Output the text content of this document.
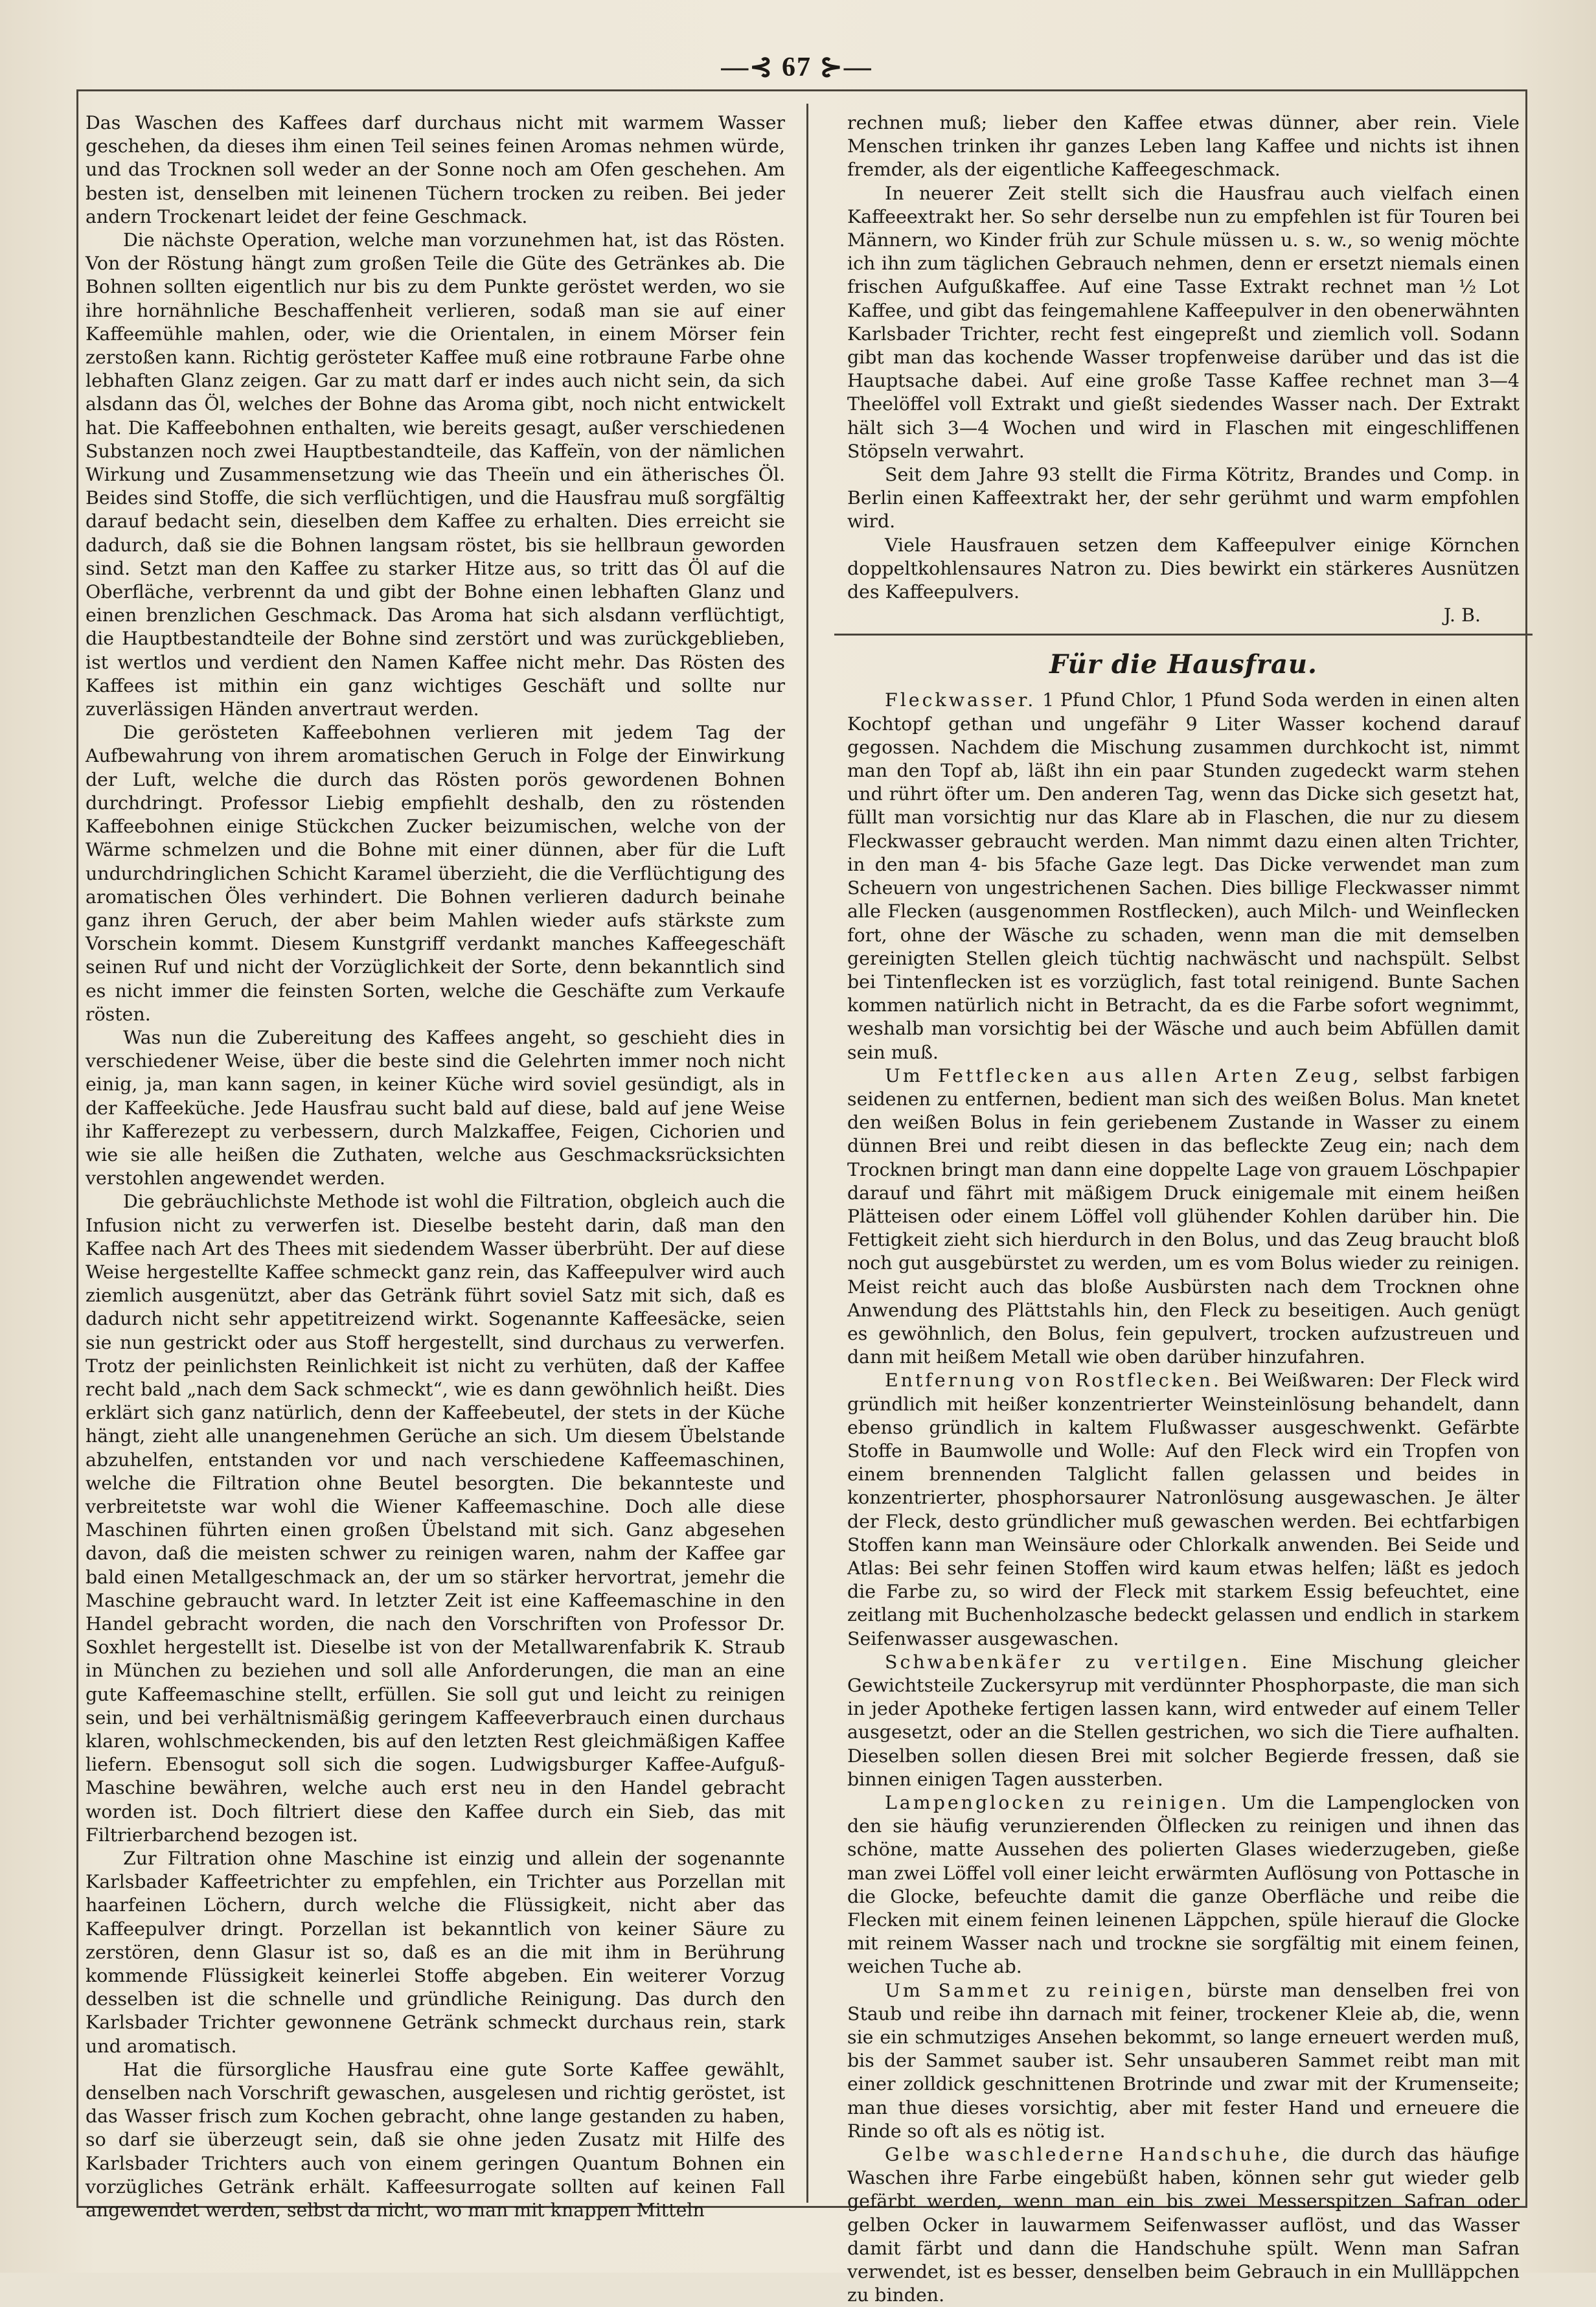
—⊰ 67 ⊱—

Das Waschen des Kaffees darf durchaus nicht mit warmem Wasser geschehen, da dieses ihm einen Teil seines feinen Aromas nehmen würde, und das Trocknen soll weder an der Sonne noch am Ofen geschehen. Am besten ist, denselben mit leinenen Tüchern trocken zu reiben. Bei jeder andern Trockenart leidet der feine Geschmack.

Die nächste Operation, welche man vorzunehmen hat, ist das Rösten. Von der Röstung hängt zum großen Teile die Güte des Getränkes ab. Die Bohnen sollten eigentlich nur bis zu dem Punkte geröstet werden, wo sie ihre hornähnliche Beschaffenheit verlieren, sodaß man sie auf einer Kaffeemühle mahlen, oder, wie die Orientalen, in einem Mörser fein zerstoßen kann. Richtig gerösteter Kaffee muß eine rotbraune Farbe ohne lebhaften Glanz zeigen. Gar zu matt darf er indes auch nicht sein, da sich alsdann das Öl, welches der Bohne das Aroma gibt, noch nicht entwickelt hat. Die Kaffeebohnen enthalten, wie bereits gesagt, außer verschiedenen Substanzen noch zwei Hauptbestandteile, das Kaffeïn, von der nämlichen Wirkung und Zusammensetzung wie das Theeïn und ein ätherisches Öl. Beides sind Stoffe, die sich verflüchtigen, und die Hausfrau muß sorgfältig darauf bedacht sein, dieselben dem Kaffee zu erhalten. Dies erreicht sie dadurch, daß sie die Bohnen langsam röstet, bis sie hellbraun geworden sind. Setzt man den Kaffee zu starker Hitze aus, so tritt das Öl auf die Oberfläche, verbrennt da und gibt der Bohne einen lebhaften Glanz und einen brenzlichen Geschmack. Das Aroma hat sich alsdann verflüchtigt, die Hauptbestandteile der Bohne sind zerstört und was zurückgeblieben, ist wertlos und verdient den Namen Kaffee nicht mehr. Das Rösten des Kaffees ist mithin ein ganz wichtiges Geschäft und sollte nur zuverlässigen Händen anvertraut werden.

Die gerösteten Kaffeebohnen verlieren mit jedem Tag der Aufbewahrung von ihrem aromatischen Geruch in Folge der Einwirkung der Luft, welche die durch das Rösten porös gewordenen Bohnen durchdringt. Professor Liebig empfiehlt deshalb, den zu röstenden Kaffeebohnen einige Stückchen Zucker beizumischen, welche von der Wärme schmelzen und die Bohne mit einer dünnen, aber für die Luft undurchdringlichen Schicht Karamel überzieht, die die Verflüchtigung des aromatischen Öles verhindert. Die Bohnen verlieren dadurch beinahe ganz ihren Geruch, der aber beim Mahlen wieder aufs stärkste zum Vorschein kommt. Diesem Kunstgriff verdankt manches Kaffeegeschäft seinen Ruf und nicht der Vorzüglichkeit der Sorte, denn bekanntlich sind es nicht immer die feinsten Sorten, welche die Geschäfte zum Verkaufe rösten.

Was nun die Zubereitung des Kaffees angeht, so geschieht dies in verschiedener Weise, über die beste sind die Gelehrten immer noch nicht einig, ja, man kann sagen, in keiner Küche wird soviel gesündigt, als in der Kaffeeküche. Jede Hausfrau sucht bald auf diese, bald auf jene Weise ihr Kafferezept zu verbessern, durch Malzkaffee, Feigen, Cichorien und wie sie alle heißen die Zuthaten, welche aus Geschmacksrücksichten verstohlen angewendet werden.

Die gebräuchlichste Methode ist wohl die Filtration, obgleich auch die Infusion nicht zu verwerfen ist. Dieselbe besteht darin, daß man den Kaffee nach Art des Thees mit siedendem Wasser überbrüht. Der auf diese Weise hergestellte Kaffee schmeckt ganz rein, das Kaffeepulver wird auch ziemlich ausgenützt, aber das Getränk führt soviel Satz mit sich, daß es dadurch nicht sehr appetitreizend wirkt. Sogenannte Kaffeesäcke, seien sie nun gestrickt oder aus Stoff hergestellt, sind durchaus zu verwerfen. Trotz der peinlichsten Reinlichkeit ist nicht zu verhüten, daß der Kaffee recht bald „nach dem Sack schmeckt“, wie es dann gewöhnlich heißt. Dies erklärt sich ganz natürlich, denn der Kaffeebeutel, der stets in der Küche hängt, zieht alle unangenehmen Gerüche an sich. Um diesem Übelstande abzuhelfen, entstanden vor und nach verschiedene Kaffeemaschinen, welche die Filtration ohne Beutel besorgten. Die bekannteste und verbreitetste war wohl die Wiener Kaffeemaschine. Doch alle diese Maschinen führten einen großen Übelstand mit sich. Ganz abgesehen davon, daß die meisten schwer zu reinigen waren, nahm der Kaffee gar bald einen Metallgeschmack an, der um so stärker hervortrat, jemehr die Maschine gebraucht ward. In letzter Zeit ist eine Kaffeemaschine in den Handel gebracht worden, die nach den Vorschriften von Professor Dr. Soxhlet hergestellt ist. Dieselbe ist von der Metallwarenfabrik K. Straub in München zu beziehen und soll alle Anforderungen, die man an eine gute Kaffeemaschine stellt, erfüllen. Sie soll gut und leicht zu reinigen sein, und bei verhältnismäßig geringem Kaffeeverbrauch einen durchaus klaren, wohlschmeckenden, bis auf den letzten Rest gleichmäßigen Kaffee liefern. Ebensogut soll sich die sogen. Ludwigsburger Kaffee-Aufguß-Maschine bewähren, welche auch erst neu in den Handel gebracht worden ist. Doch filtriert diese den Kaffee durch ein Sieb, das mit Filtrierbarchend bezogen ist.

Zur Filtration ohne Maschine ist einzig und allein der sogenannte Karlsbader Kaffeetrichter zu empfehlen, ein Trichter aus Porzellan mit haarfeinen Löchern, durch welche die Flüssigkeit, nicht aber das Kaffeepulver dringt. Porzellan ist bekanntlich von keiner Säure zu zerstören, denn Glasur ist so, daß es an die mit ihm in Berührung kommende Flüssigkeit keinerlei Stoffe abgeben. Ein weiterer Vorzug desselben ist die schnelle und gründliche Reinigung. Das durch den Karlsbader Trichter gewonnene Getränk schmeckt durchaus rein, stark und aromatisch.

Hat die fürsorgliche Hausfrau eine gute Sorte Kaffee gewählt, denselben nach Vorschrift gewaschen, ausgelesen und richtig geröstet, ist das Wasser frisch zum Kochen gebracht, ohne lange gestanden zu haben, so darf sie überzeugt sein, daß sie ohne jeden Zusatz mit Hilfe des Karlsbader Trichters auch von einem geringen Quantum Bohnen ein vorzügliches Getränk erhält. Kaffeesurrogate sollten auf keinen Fall angewendet werden, selbst da nicht, wo man mit knappen Mitteln

rechnen muß; lieber den Kaffee etwas dünner, aber rein. Viele Menschen trinken ihr ganzes Leben lang Kaffee und nichts ist ihnen fremder, als der eigentliche Kaffeegeschmack.

In neuerer Zeit stellt sich die Hausfrau auch vielfach einen Kaffeeextrakt her. So sehr derselbe nun zu empfehlen ist für Touren bei Männern, wo Kinder früh zur Schule müssen u. s. w., so wenig möchte ich ihn zum täglichen Gebrauch nehmen, denn er ersetzt niemals einen frischen Aufgußkaffee. Auf eine Tasse Extrakt rechnet man ½ Lot Kaffee, und gibt das feingemahlene Kaffeepulver in den obenerwähnten Karlsbader Trichter, recht fest eingepreßt und ziemlich voll. Sodann gibt man das kochende Wasser tropfenweise darüber und das ist die Hauptsache dabei. Auf eine große Tasse Kaffee rechnet man 3—4 Theelöffel voll Extrakt und gießt siedendes Wasser nach. Der Extrakt hält sich 3—4 Wochen und wird in Flaschen mit eingeschliffenen Stöpseln verwahrt.

Seit dem Jahre 93 stellt die Firma Kötritz, Brandes und Comp. in Berlin einen Kaffeextrakt her, der sehr gerühmt und warm empfohlen wird.

Viele Hausfrauen setzen dem Kaffeepulver einige Körnchen doppeltkohlensaures Natron zu. Dies bewirkt ein stärkeres Ausnützen des Kaffeepulvers.

J. B.
Für die Hausfrau.

Fleckwasser. 1 Pfund Chlor, 1 Pfund Soda werden in einen alten Kochtopf gethan und ungefähr 9 Liter Wasser kochend darauf gegossen. Nachdem die Mischung zusammen durchkocht ist, nimmt man den Topf ab, läßt ihn ein paar Stunden zugedeckt warm stehen und rührt öfter um. Den anderen Tag, wenn das Dicke sich gesetzt hat, füllt man vorsichtig nur das Klare ab in Flaschen, die nur zu diesem Fleckwasser gebraucht werden. Man nimmt dazu einen alten Trichter, in den man 4- bis 5fache Gaze legt. Das Dicke verwendet man zum Scheuern von ungestrichenen Sachen. Dies billige Fleckwasser nimmt alle Flecken (ausgenommen Rostflecken), auch Milch- und Weinflecken fort, ohne der Wäsche zu schaden, wenn man die mit demselben gereinigten Stellen gleich tüchtig nachwäscht und nachspült. Selbst bei Tintenflecken ist es vorzüglich, fast total reinigend. Bunte Sachen kommen natürlich nicht in Betracht, da es die Farbe sofort wegnimmt, weshalb man vorsichtig bei der Wäsche und auch beim Abfüllen damit sein muß.

Um Fettflecken aus allen Arten Zeug, selbst farbigen seidenen zu entfernen, bedient man sich des weißen Bolus. Man knetet den weißen Bolus in fein geriebenem Zustande in Wasser zu einem dünnen Brei und reibt diesen in das befleckte Zeug ein; nach dem Trocknen bringt man dann eine doppelte Lage von grauem Löschpapier darauf und fährt mit mäßigem Druck einigemale mit einem heißen Plätteisen oder einem Löffel voll glühender Kohlen darüber hin. Die Fettigkeit zieht sich hierdurch in den Bolus, und das Zeug braucht bloß noch gut ausgebürstet zu werden, um es vom Bolus wieder zu reinigen. Meist reicht auch das bloße Ausbürsten nach dem Trocknen ohne Anwendung des Plättstahls hin, den Fleck zu beseitigen. Auch genügt es gewöhnlich, den Bolus, fein gepulvert, trocken aufzustreuen und dann mit heißem Metall wie oben darüber hinzufahren.

Entfernung von Rostflecken. Bei Weißwaren: Der Fleck wird gründlich mit heißer konzentrierter Weinsteinlösung behandelt, dann ebenso gründlich in kaltem Flußwasser ausgeschwenkt. Gefärbte Stoffe in Baumwolle und Wolle: Auf den Fleck wird ein Tropfen von einem brennenden Talglicht fallen gelassen und beides in konzentrierter, phosphorsaurer Natronlösung ausgewaschen. Je älter der Fleck, desto gründlicher muß gewaschen werden. Bei echtfarbigen Stoffen kann man Weinsäure oder Chlorkalk anwenden. Bei Seide und Atlas: Bei sehr feinen Stoffen wird kaum etwas helfen; läßt es jedoch die Farbe zu, so wird der Fleck mit starkem Essig befeuchtet, eine zeitlang mit Buchenholzasche bedeckt gelassen und endlich in starkem Seifenwasser ausgewaschen.

Schwabenkäfer zu vertilgen. Eine Mischung gleicher Gewichtsteile Zuckersyrup mit verdünnter Phosphorpaste, die man sich in jeder Apotheke fertigen lassen kann, wird entweder auf einem Teller ausgesetzt, oder an die Stellen gestrichen, wo sich die Tiere aufhalten. Dieselben sollen diesen Brei mit solcher Begierde fressen, daß sie binnen einigen Tagen aussterben.

Lampenglocken zu reinigen. Um die Lampenglocken von den sie häufig verunzierenden Ölflecken zu reinigen und ihnen das schöne, matte Aussehen des polierten Glases wiederzugeben, gieße man zwei Löffel voll einer leicht erwärmten Auflösung von Pottasche in die Glocke, befeuchte damit die ganze Oberfläche und reibe die Flecken mit einem feinen leinenen Läppchen, spüle hierauf die Glocke mit reinem Wasser nach und trockne sie sorgfältig mit einem feinen, weichen Tuche ab.

Um Sammet zu reinigen, bürste man denselben frei von Staub und reibe ihn darnach mit feiner, trockener Kleie ab, die, wenn sie ein schmutziges Ansehen bekommt, so lange erneuert werden muß, bis der Sammet sauber ist. Sehr unsauberen Sammet reibt man mit einer zolldick geschnittenen Brotrinde und zwar mit der Krumenseite; man thue dieses vorsichtig, aber mit fester Hand und erneuere die Rinde so oft als es nötig ist.

Gelbe waschlederne Handschuhe, die durch das häufige Waschen ihre Farbe eingebüßt haben, können sehr gut wieder gelb gefärbt werden, wenn man ein bis zwei Messerspitzen Safran oder gelben Ocker in lauwarmem Seifenwasser auflöst, und das Wasser damit färbt und dann die Handschuhe spült. Wenn man Safran verwendet, ist es besser, denselben beim Gebrauch in ein Mullläppchen zu binden.
